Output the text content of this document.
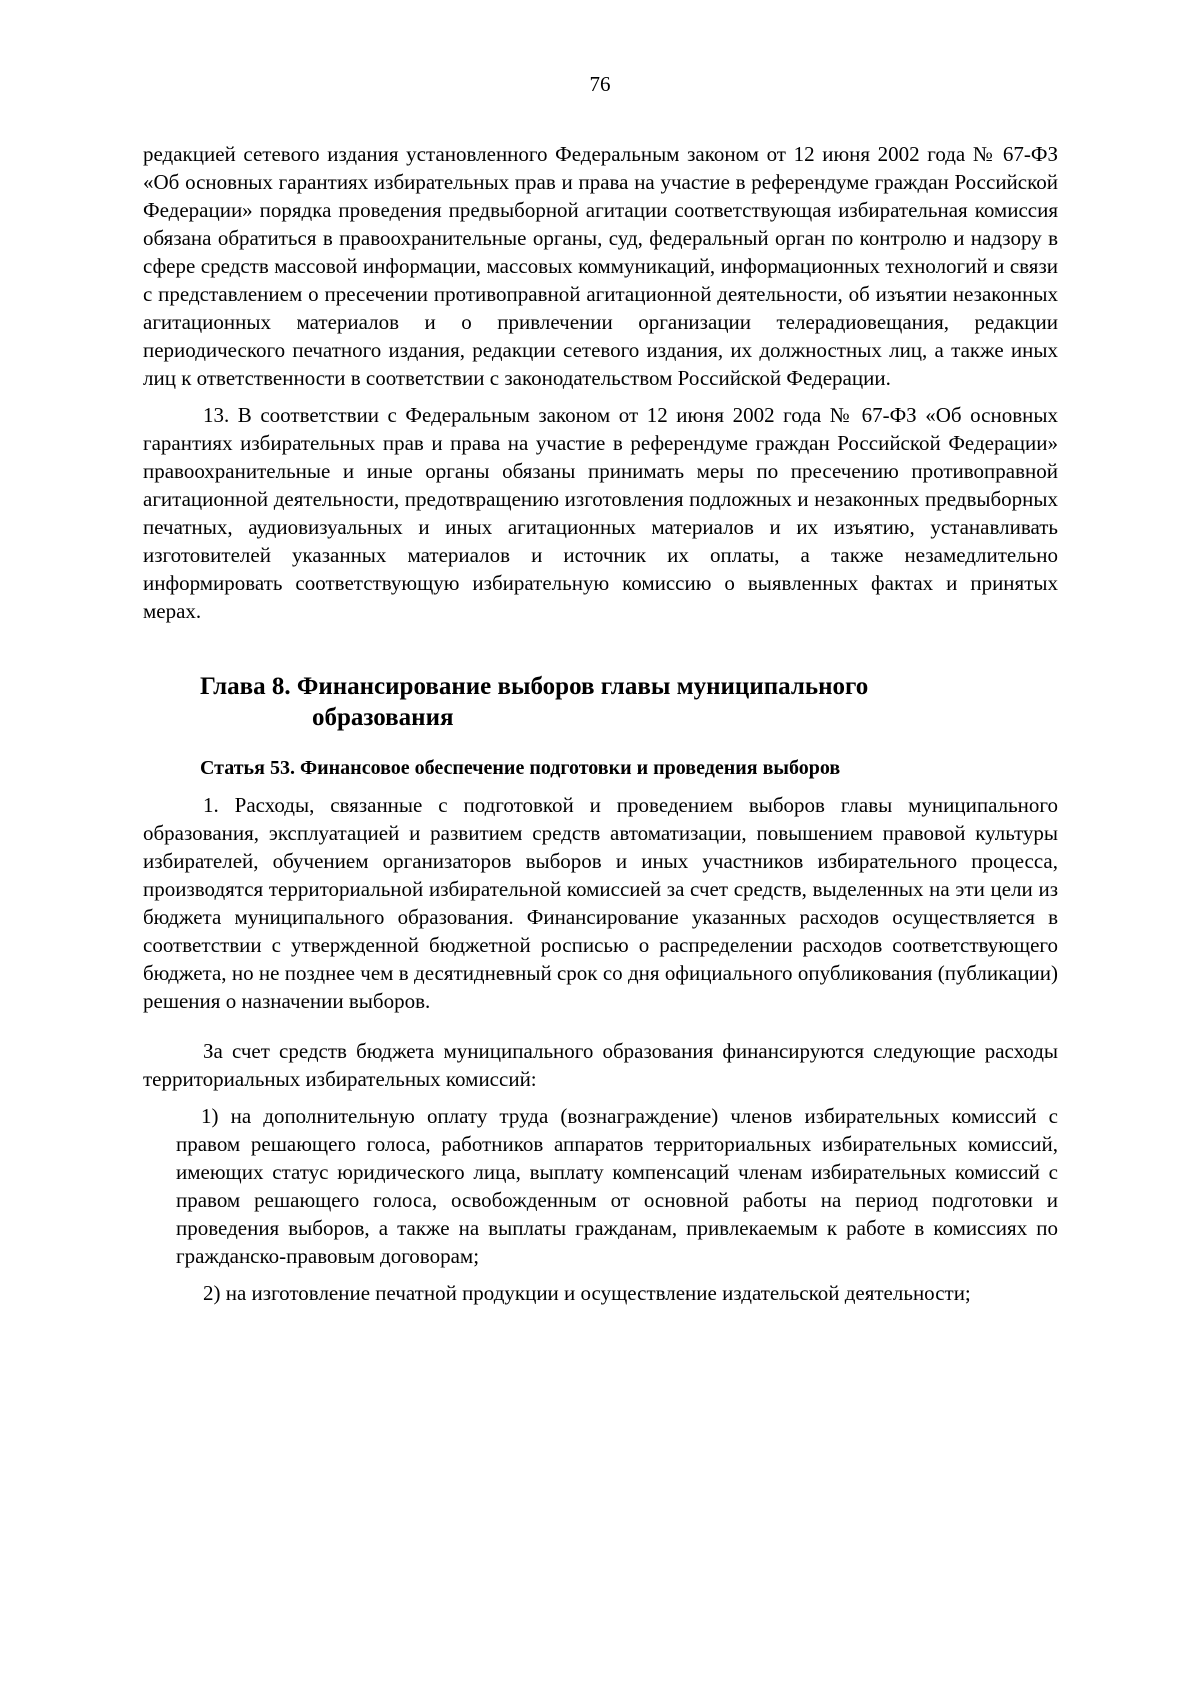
76

редакцией сетевого издания установленного Федеральным законом от 12 июня 2002 года № 67-ФЗ «Об основных гарантиях избирательных прав и права на участие в референдуме граждан Российской Федерации» порядка проведения предвыборной агитации соответствующая избирательная комиссия обязана обратиться в правоохранительные органы, суд, федеральный орган по контролю и надзору в сфере средств массовой информации, массовых коммуникаций, информационных технологий и связи с представлением о пресечении противоправной агитационной деятельности, об изъятии незаконных агитационных материалов и о привлечении организации телерадиовещания, редакции периодического печатного издания, редакции сетевого издания, их должностных лиц, а также иных лиц к ответственности в соответствии с законодательством Российской Федерации.

13. В соответствии с Федеральным законом от 12 июня 2002 года № 67-ФЗ «Об основных гарантиях избирательных прав и права на участие в референдуме граждан Российской Федерации» правоохранительные и иные органы обязаны принимать меры по пресечению противоправной агитационной деятельности, предотвращению изготовления подложных и незаконных предвыборных печатных, аудиовизуальных и иных агитационных материалов и их изъятию, устанавливать изготовителей указанных материалов и источник их оплаты, а также незамедлительно информировать соответствующую избирательную комиссию о выявленных фактах и принятых мерах.

Глава 8. Финансирование выборов главы муниципального
образования
Статья 53. Финансовое обеспечение подготовки и проведения выборов

1. Расходы, связанные с подготовкой и проведением выборов главы муниципального образования, эксплуатацией и развитием средств автоматизации, повышением правовой культуры избирателей, обучением организаторов выборов и иных участников избирательного процесса, производятся территориальной избирательной комиссией за счет средств, выделенных на эти цели из бюджета муниципального образования. Финансирование указанных расходов осуществляется в соответствии с утвержденной бюджетной росписью о распределении расходов соответствующего бюджета, но не позднее чем в десятидневный срок со дня официального опубликования (публикации) решения о назначении выборов.

За счет средств бюджета муниципального образования финансируются следующие расходы территориальных избирательных комиссий:

1) на дополнительную оплату труда (вознаграждение) членов избирательных комиссий с правом решающего голоса, работников аппаратов территориальных избирательных комиссий, имеющих статус юридического лица, выплату компенсаций членам избирательных комиссий с правом решающего голоса, освобожденным от основной работы на период подготовки и проведения выборов, а также на выплаты гражданам, привлекаемым к работе в комиссиях по гражданско-правовым договорам;

2) на изготовление печатной продукции и осуществление издательской деятельности;
